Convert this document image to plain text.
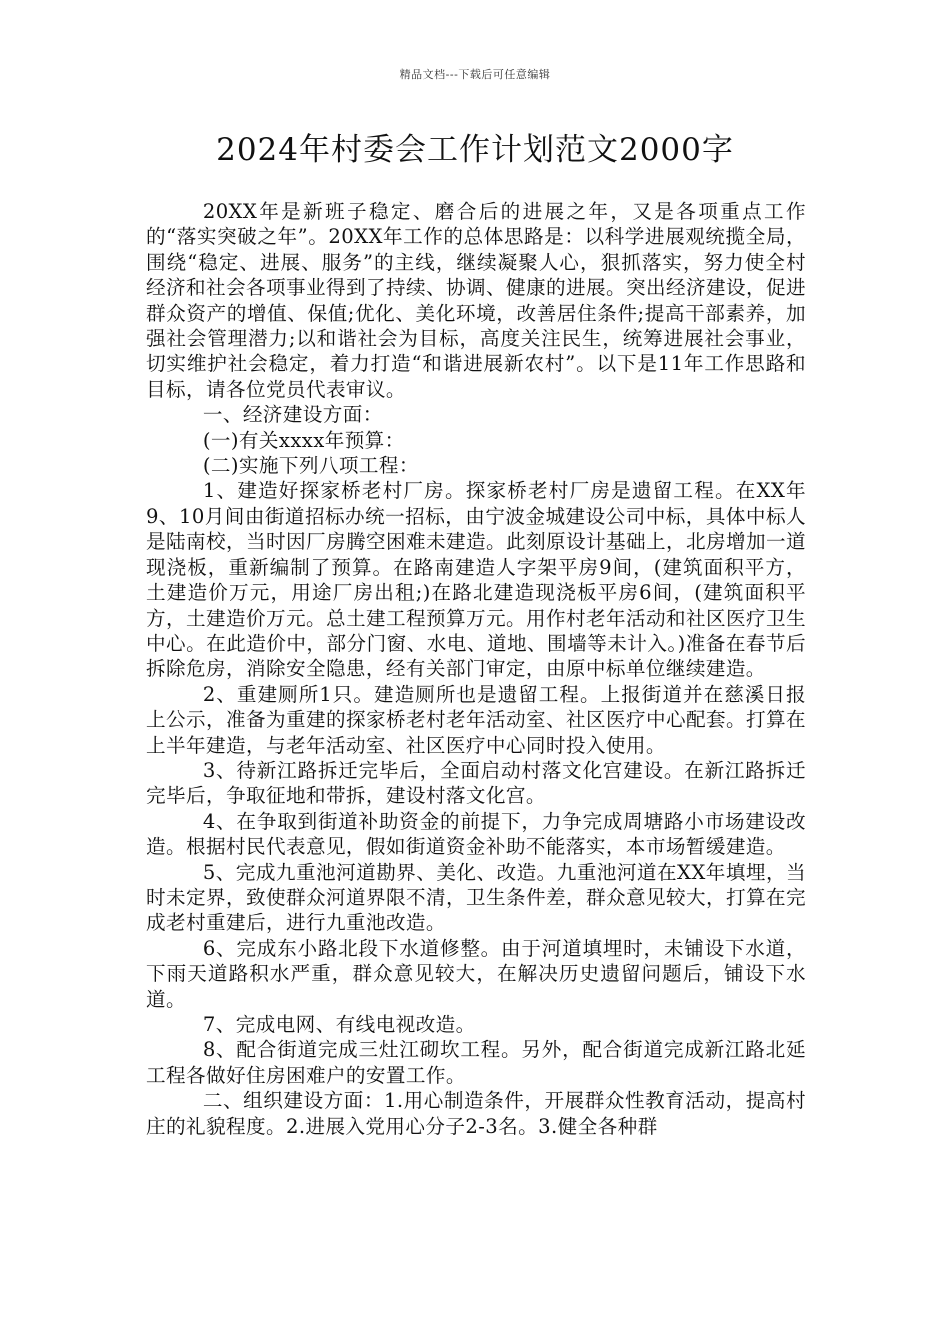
精品文档---下载后可任意编辑
2024年村委会工作计划范文2000字

20XX年是新班子稳定、磨合后的进展之年，又是各项重点工作的“落实突破之年”。20XX年工作的总体思路是：以科学进展观统揽全局，围绕“稳定、进展、服务”的主线，继续凝聚人心，狠抓落实，努力使全村经济和社会各项事业得到了持续、协调、健康的进展。突出经济建设，促进群众资产的增值、保值;优化、美化环境，改善居住条件;提高干部素养，加强社会管理潜力;以和谐社会为目标，高度关注民生，统筹进展社会事业，切实维护社会稳定，着力打造“和谐进展新农村”。以下是11年工作思路和目标，请各位党员代表审议。

一、经济建设方面：

(一)有关xxxx年预算：

(二)实施下列八项工程：

1、建造好探家桥老村厂房。探家桥老村厂房是遗留工程。在XX年9、10月间由街道招标办统一招标，由宁波金城建设公司中标，具体中标人是陆南校，当时因厂房腾空困难未建造。此刻原设计基础上，北房增加一道现浇板，重新编制了预算。在路南建造人字架平房9间，(建筑面积平方，土建造价万元，用途厂房出租;)在路北建造现浇板平房6间，(建筑面积平方，土建造价万元。总土建工程预算万元。用作村老年活动和社区医疗卫生中心。在此造价中，部分门窗、水电、道地、围墙等未计入。)准备在春节后拆除危房，消除安全隐患，经有关部门审定，由原中标单位继续建造。

2、重建厕所1只。建造厕所也是遗留工程。上报街道并在慈溪日报上公示，准备为重建的探家桥老村老年活动室、社区医疗中心配套。打算在上半年建造，与老年活动室、社区医疗中心同时投入使用。

3、待新江路拆迁完毕后，全面启动村落文化宫建设。在新江路拆迁完毕后，争取征地和带拆，建设村落文化宫。

4、在争取到街道补助资金的前提下，力争完成周塘路小市场建设改造。根据村民代表意见，假如街道资金补助不能落实，本市场暂缓建造。

5、完成九重池河道勘界、美化、改造。九重池河道在XX年填埋，当时未定界，致使群众河道界限不清，卫生条件差，群众意见较大，打算在完成老村重建后，进行九重池改造。

6、完成东小路北段下水道修整。由于河道填埋时，未铺设下水道，下雨天道路积水严重，群众意见较大，在解决历史遗留问题后，铺设下水道。

7、完成电网、有线电视改造。

8、配合街道完成三灶江砌坎工程。另外，配合街道完成新江路北延工程各做好住房困难户的安置工作。

二、组织建设方面：1.用心制造条件，开展群众性教育活动，提高村庄的礼貌程度。2.进展入党用心分子2-3名。3.健全各种群
